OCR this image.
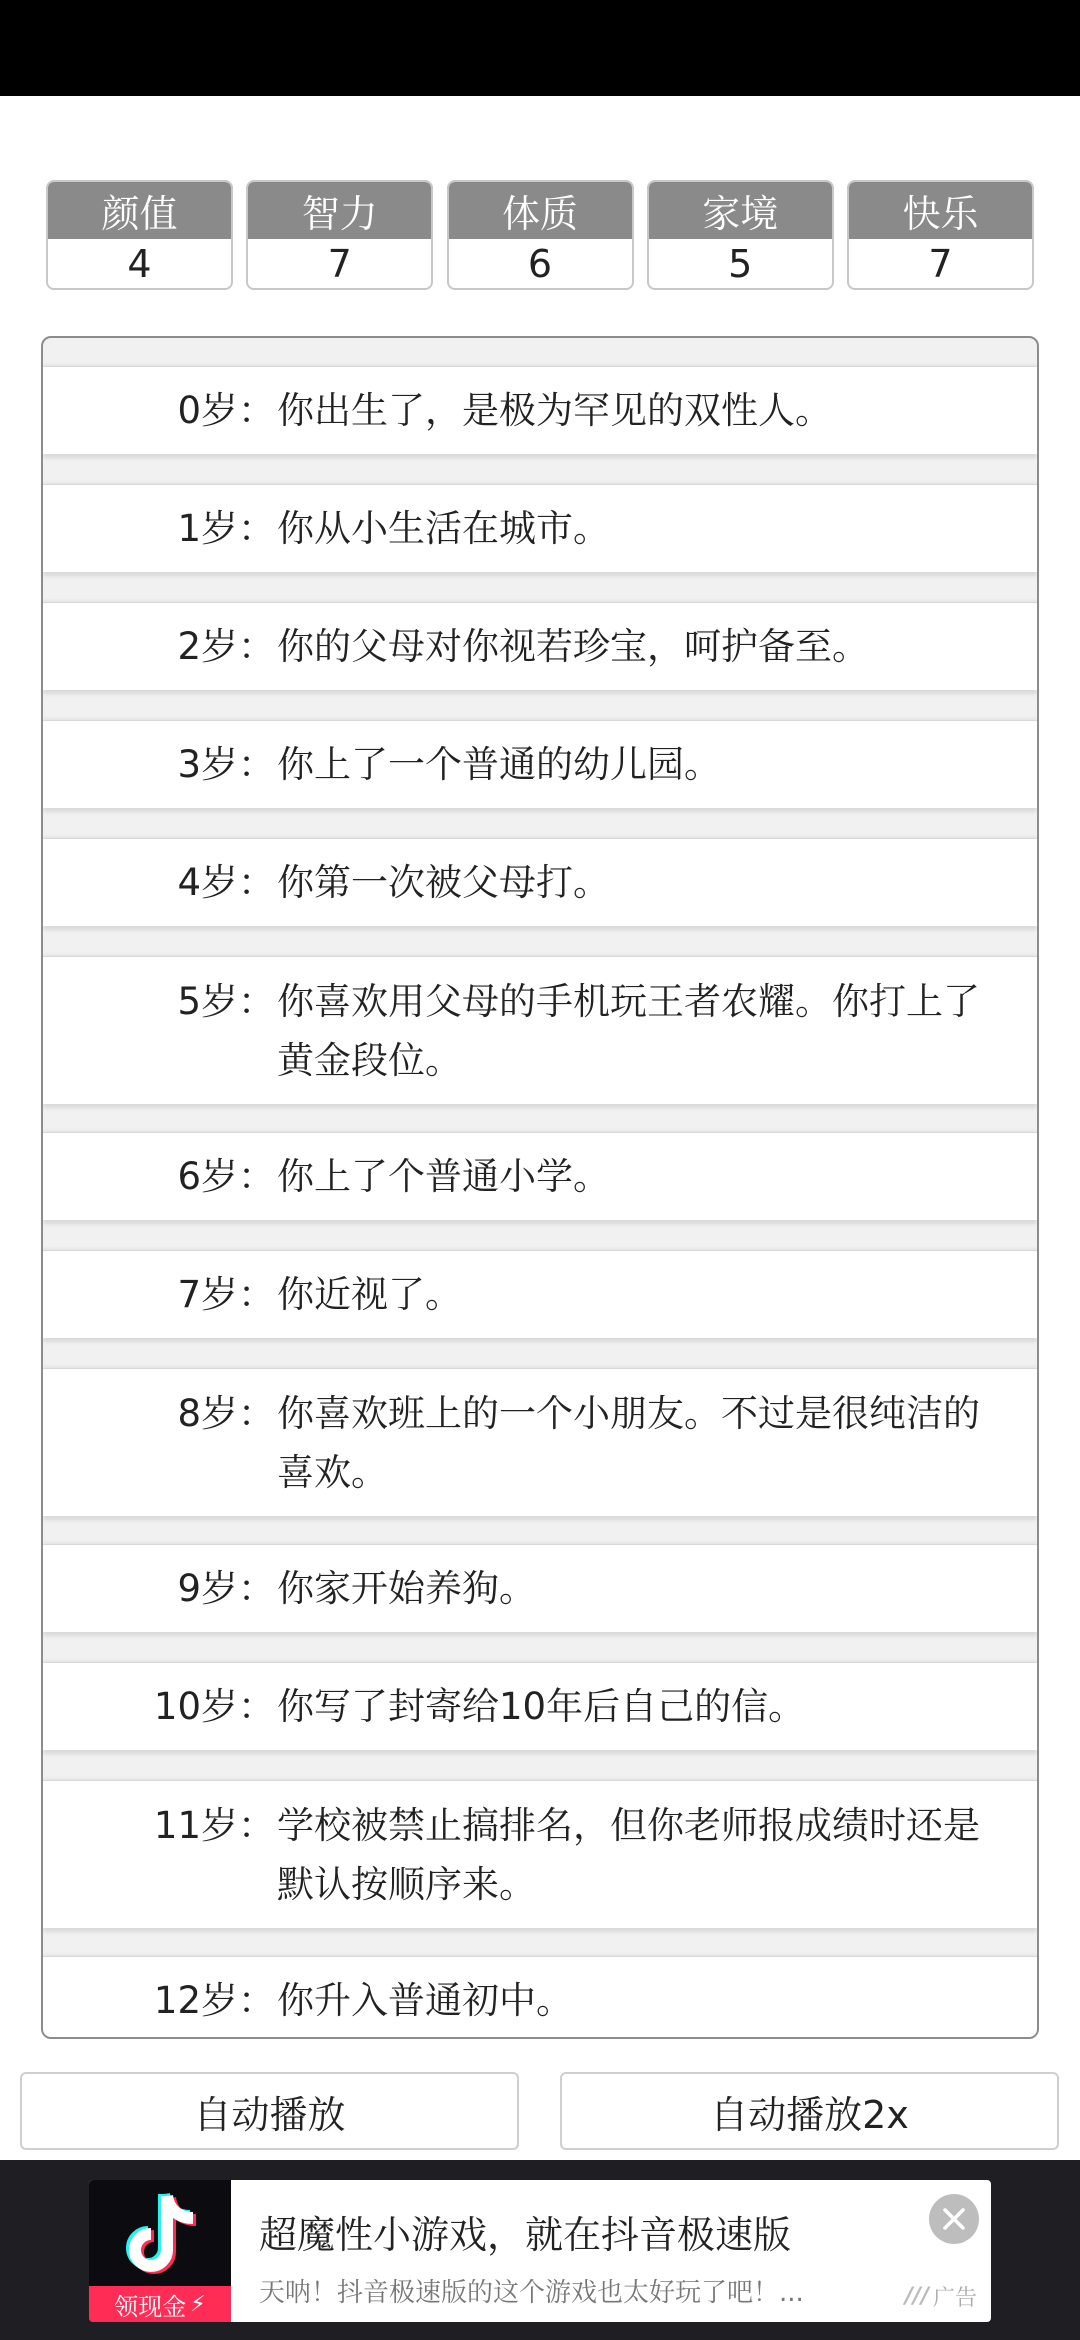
颜值
4
智力
7
体质
6
家境
5
快乐
7
0岁： 你出生了，是极为罕见的双性人。
1岁： 你从小生活在城市。
2岁： 你的父母对你视若珍宝，呵护备至。
3岁： 你上了一个普通的幼儿园。
4岁： 你第一次被父母打。
5岁： 你喜欢用父母的手机玩王者农耀。你打上了黄金段位。
6岁： 你上了个普通小学。
7岁： 你近视了。
8岁： 你喜欢班上的一个小朋友。不过是很纯洁的喜欢。
9岁： 你家开始养狗。
10岁： 你写了封寄给10年后自己的信。
11岁： 学校被禁止搞排名，但你老师报成绩时还是默认按顺序来。
12岁： 你升入普通初中。
自动播放	自动播放2x
领现金 ⚡
超魔性小游戏，就在抖音极速版
天呐！抖音极速版的这个游戏也太好玩了吧！...	/// 广告
